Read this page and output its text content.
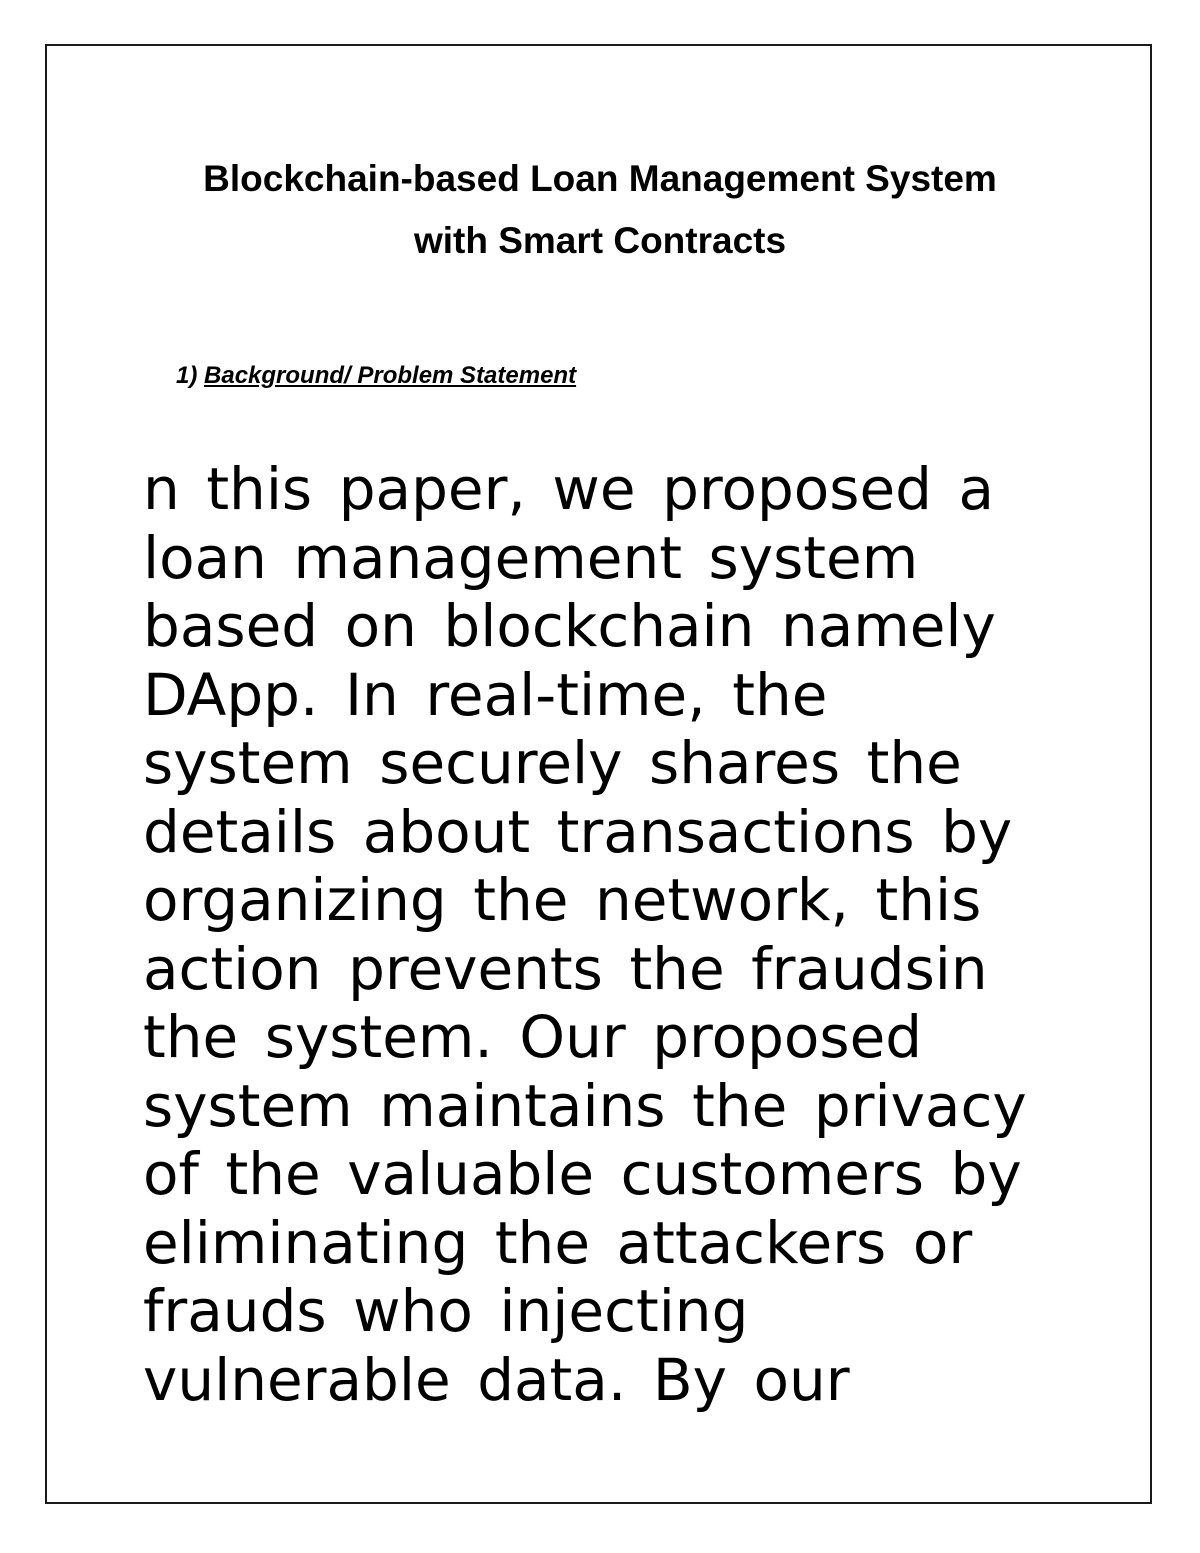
Blockchain-based Loan Management System
with Smart Contracts
1) Background/ Problem Statement
n this paper, we proposed a
loan management system
based on blockchain namely
DApp. In real-time, the
system securely shares the
details about transactions by
organizing the network, this
action prevents the fraudsin
the system. Our proposed
system maintains the privacy
of the valuable customers by
eliminating the attackers or
frauds who injecting
vulnerable data. By our
